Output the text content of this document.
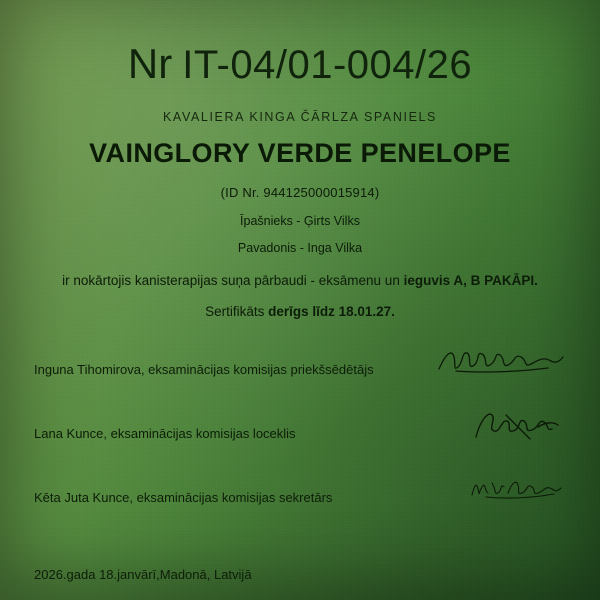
Nr IT-04/01-004/26
KAVALIERA KINGA ČĀRLZA SPANIELS
VAINGLORY VERDE PENELOPE
(ID Nr. 944125000015914)
Īpašnieks - Ģirts Vilks
Pavadonis - Inga Vilka
ir nokārtojis kanisterapijas suņa pārbaudi - eksāmenu un ieguvis A, B PAKĀPI.
Sertifikāts derīgs līdz 18.01.27.
Inguna Tihomirova, eksaminācijas komisijas priekšsēdētājs
Lana Kunce, eksaminācijas komisijas loceklis
Kēta Juta Kunce, eksaminācijas komisijas sekretārs
2026.gada 18.janvārī,Madonā, Latvijā
